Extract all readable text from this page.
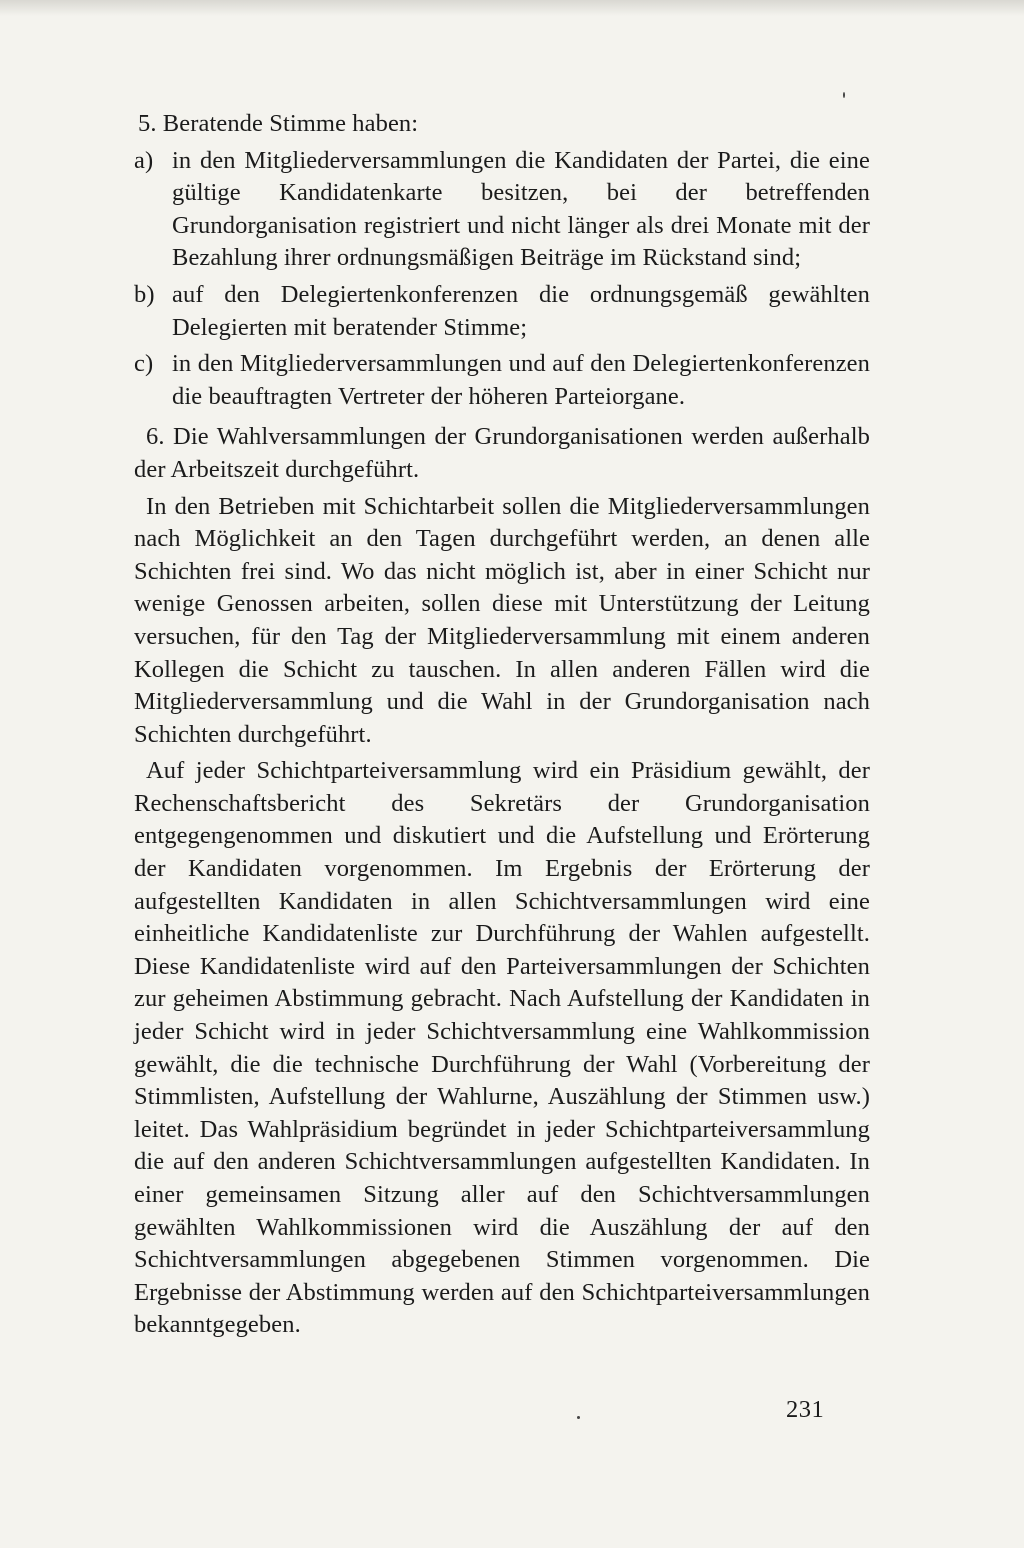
5. Beratende Stimme haben:

a) in den Mitgliederversammlungen die Kandidaten der Partei, die eine gültige Kandidatenkarte besitzen, bei der betreffenden Grundorganisation registriert und nicht länger als drei Monate mit der Bezahlung ihrer ordnungsmäßigen Beiträge im Rückstand sind;

b) auf den Delegiertenkonferenzen die ordnungsgemäß gewählten Delegierten mit beratender Stimme;

c) in den Mitgliederversammlungen und auf den Delegiertenkonferenzen die beauftragten Vertreter der höheren Parteiorgane.

6. Die Wahlversammlungen der Grundorganisationen werden außerhalb der Arbeitszeit durchgeführt.

In den Betrieben mit Schichtarbeit sollen die Mitgliederversammlungen nach Möglichkeit an den Tagen durchgeführt werden, an denen alle Schichten frei sind. Wo das nicht möglich ist, aber in einer Schicht nur wenige Genossen arbeiten, sollen diese mit Unterstützung der Leitung versuchen, für den Tag der Mitgliederversammlung mit einem anderen Kollegen die Schicht zu tauschen. In allen anderen Fällen wird die Mitgliederversammlung und die Wahl in der Grundorganisation nach Schichten durchgeführt.

Auf jeder Schichtparteiversammlung wird ein Präsidium gewählt, der Rechenschaftsbericht des Sekretärs der Grundorganisation entgegengenommen und diskutiert und die Aufstellung und Erörterung der Kandidaten vorgenommen. Im Ergebnis der Erörterung der aufgestellten Kandidaten in allen Schichtversammlungen wird eine einheitliche Kandidatenliste zur Durchführung der Wahlen aufgestellt. Diese Kandidatenliste wird auf den Parteiversammlungen der Schichten zur geheimen Abstimmung gebracht. Nach Aufstellung der Kandidaten in jeder Schicht wird in jeder Schichtversammlung eine Wahlkommission gewählt, die die technische Durchführung der Wahl (Vorbereitung der Stimmlisten, Aufstellung der Wahlurne, Auszählung der Stimmen usw.) leitet. Das Wahlpräsidium begründet in jeder Schichtparteiversammlung die auf den anderen Schichtversammlungen aufgestellten Kandidaten. In einer gemeinsamen Sitzung aller auf den Schichtversammlungen gewählten Wahlkommissionen wird die Auszählung der auf den Schichtversammlungen abgegebenen Stimmen vorgenommen. Die Ergebnisse der Abstimmung werden auf den Schichtparteiversammlungen bekanntgegeben.

231
